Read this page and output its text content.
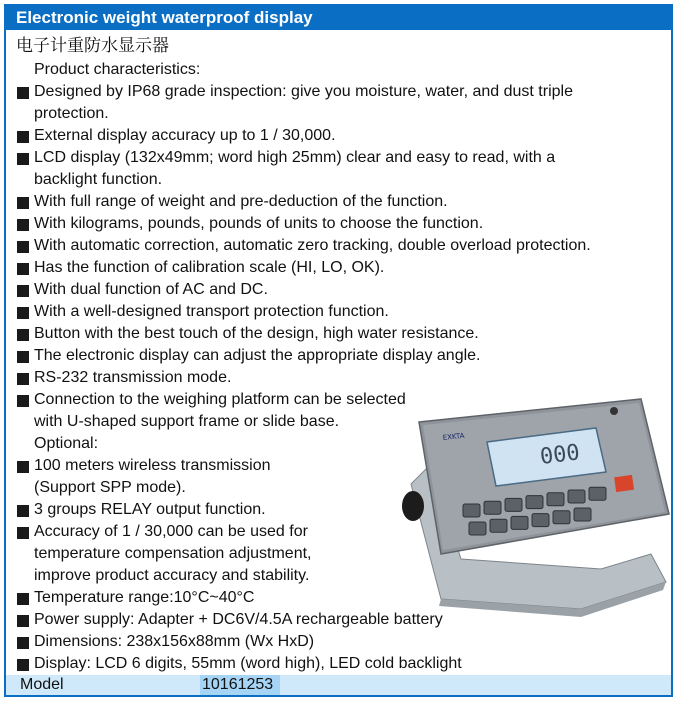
Electronic weight waterproof display
电子计重防水显示器
Product characteristics:
Designed by IP68 grade inspection: give you moisture, water, and dust triple
protection.
External display accuracy up to 1 / 30,000.
LCD display (132x49mm; word high 25mm) clear and easy to read, with a
backlight function.
With full range of weight and pre-deduction of the function.
With kilograms, pounds, pounds of units to choose the function.
With automatic correction, automatic zero tracking, double overload protection.
Has the function of calibration scale (HI, LO, OK).
With dual function of AC and DC.
With a well-designed transport protection function.
Button with the best touch of the design, high water resistance.
The electronic display can adjust the appropriate display angle.
RS-232 transmission mode.
Connection to the weighing platform can be selected
with U-shaped support frame or slide base.
Optional:
100 meters wireless transmission
(Support SPP mode).
3 groups RELAY output function.
Accuracy of 1 / 30,000 can be used for
temperature compensation adjustment,
improve product accuracy and stability.
Temperature range:10°C~40°C
Power supply: Adapter + DC6V/4.5A rechargeable battery
Dimensions: 238x156x88mm (Wx HxD)
Display: LCD 6 digits, 55mm (word high), LED cold backlight
EXKTA
000
Model	10161253
